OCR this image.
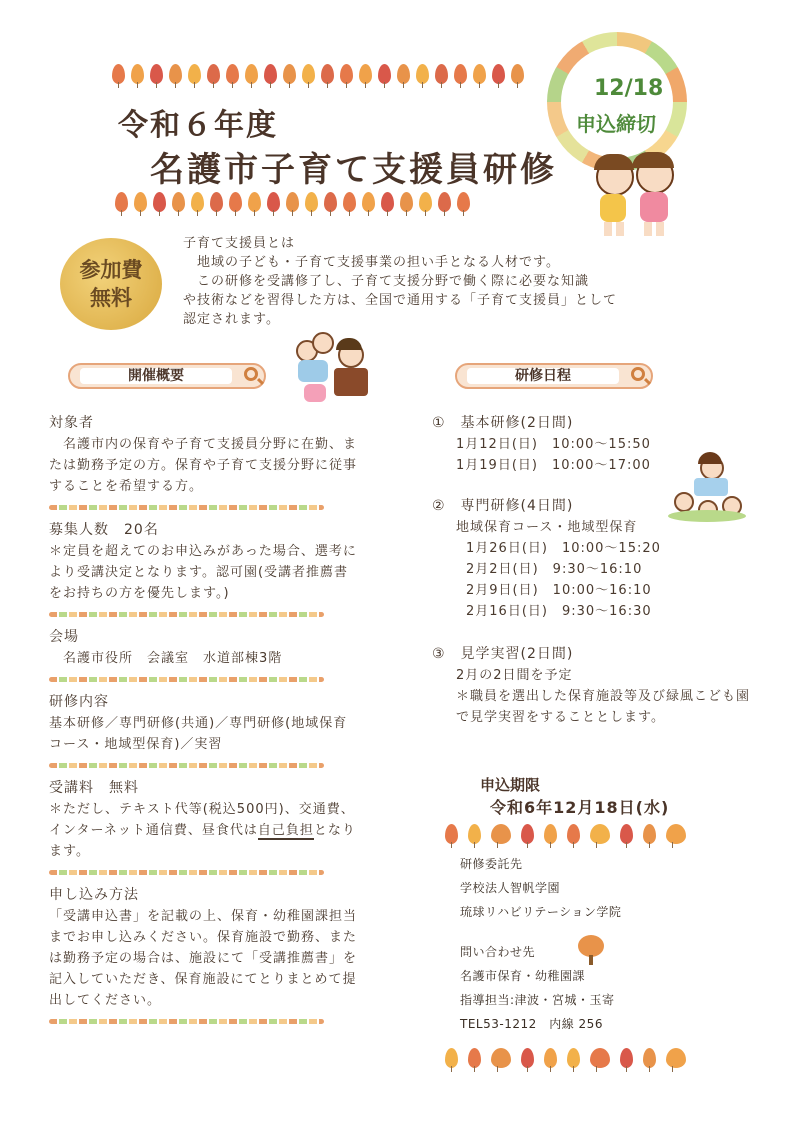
令和６年度
名護市子育て支援員研修
12/18
申込締切
参加費
無料

子育て支援員とは

　地域の子ども・子育て支援事業の担い手となる人材です。

　この研修を受講修了し、子育て支援分野で働く際に必要な知識

や技術などを習得した方は、全国で通用する「子育て支援員」として

認定されます。

開催概要	研修日程

対象者

　名護市内の保育や子育て支援員分野に在勤、または勤務予定の方。保育や子育て支援分野に従事することを希望する方。

募集人数　20名

＊定員を超えてのお申込みがあった場合、選考により受講決定となります。認可園(受講者推薦書をお持ちの方を優先します。)

会場

名護市役所　会議室　水道部棟3階

研修内容

基本研修／専門研修(共通)／専門研修(地域保育コース・地域型保育)／実習

受講料　無料

＊ただし、テキスト代等(税込500円)、交通費、インターネット通信費、昼食代は自己負担となります。

申し込み方法

「受講申込書」を記載の上、保育・幼稚園課担当までお申し込みください。保育施設で勤務、または勤務予定の場合は、施設にて「受講推薦書」を記入していただき、保育施設にてとりまとめて提出してください。

①　基本研修(2日間)

1月12日(日)　10:00～15:50

1月19日(日)　10:00～17:00

②　専門研修(4日間)

地域保育コース・地域型保育

1月26日(日)　10:00～15:20

2月2日(日)　9:30～16:10

2月9日(日)　10:00～16:10

2月16日(日)　9:30～16:30

③　見学実習(2日間)

2月の2日間を予定

＊職員を選出した保育施設等及び緑風こども園で見学実習をすることとします。

申込期限
令和6年12月18日(水)

研修委託先

学校法人智帆学園

琉球リハビリテーション学院

問い合わせ先

名護市保育・幼稚園課

指導担当:津波・宮城・玉寄

TEL53-1212　内線 256
